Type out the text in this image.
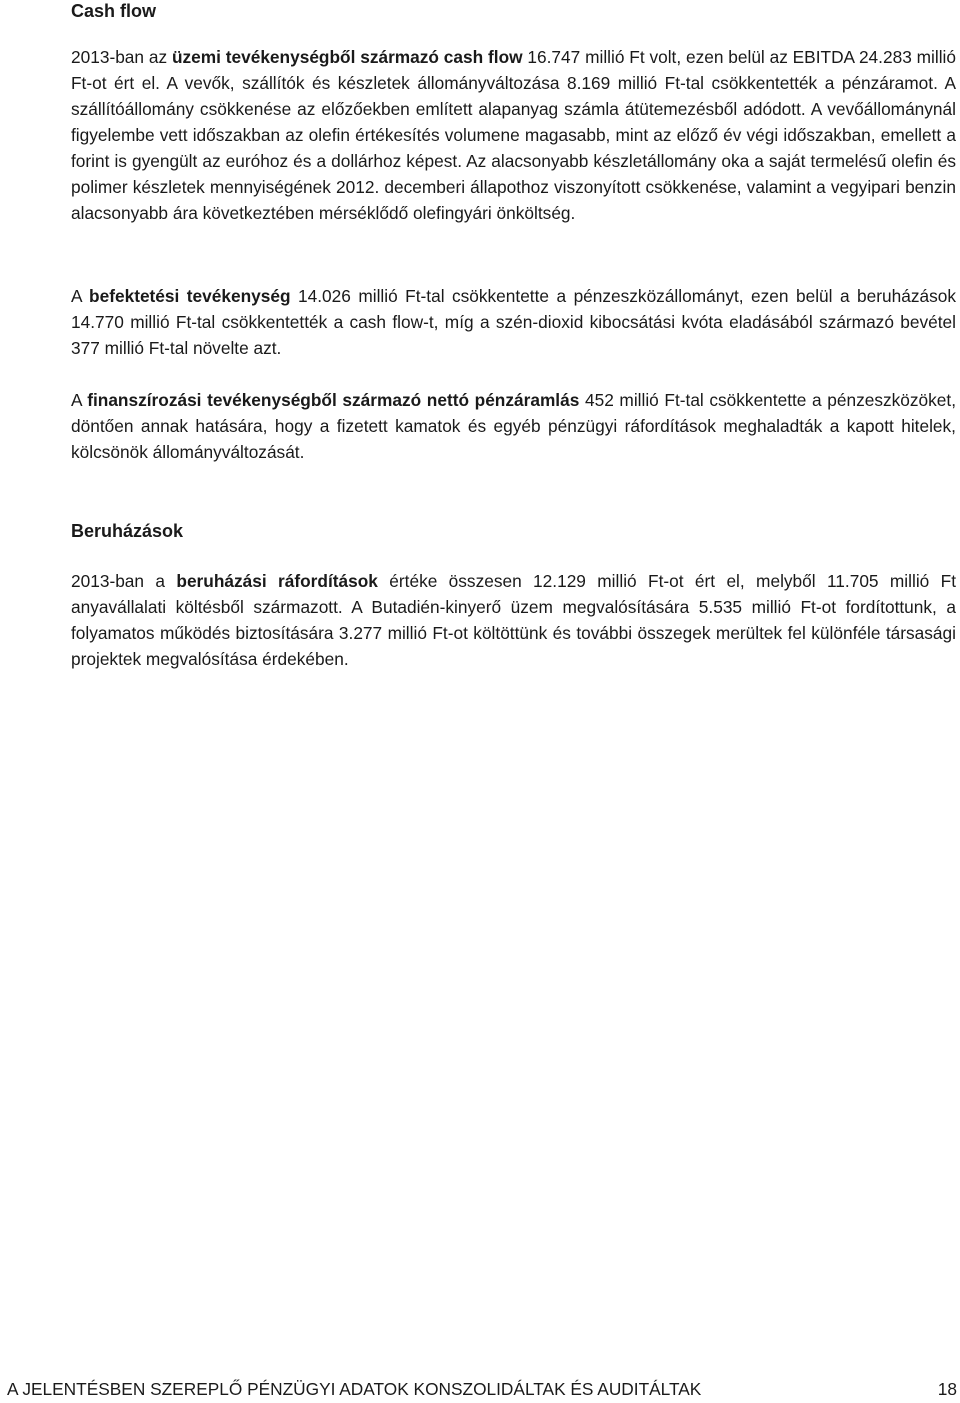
Cash flow

2013-ban az üzemi tevékenységből származó cash flow 16.747 millió Ft volt, ezen belül az EBITDA 24.283 millió Ft-ot ért el. A vevők, szállítók és készletek állományváltozása 8.169 millió Ft-tal csökkentették a pénzáramot. A szállítóállomány csökkenése az előzőekben említett alapanyag számla átütemezésből adódott. A vevőállománynál figyelembe vett időszakban az olefin értékesítés volumene magasabb, mint az előző év végi időszakban, emellett a forint is gyengült az euróhoz és a dollárhoz képest. Az alacsonyabb készletállomány oka a saját termelésű olefin és polimer készletek mennyiségének 2012. decemberi állapothoz viszonyított csökkenése, valamint a vegyipari benzin alacsonyabb ára következtében mérséklődő olefingyári önköltség.

A befektetési tevékenység 14.026 millió Ft-tal csökkentette a pénzeszközállományt, ezen belül a beruházások 14.770 millió Ft-tal csökkentették a cash flow-t, míg a szén-dioxid kibocsátási kvóta eladásából származó bevétel 377 millió Ft-tal növelte azt.

A finanszírozási tevékenységből származó nettó pénzáramlás 452 millió Ft-tal csökkentette a pénzeszközöket, döntően annak hatására, hogy a fizetett kamatok és egyéb pénzügyi ráfordítások meghaladták a kapott hitelek, kölcsönök állományváltozását.

Beruházások

2013-ban a beruházási ráfordítások értéke összesen 12.129 millió Ft-ot ért el, melyből 11.705 millió Ft anyavállalati költésből származott. A Butadién-kinyerő üzem megvalósítására 5.535 millió Ft-ot fordítottunk, a folyamatos működés biztosítására 3.277 millió Ft-ot költöttünk és további összegek merültek fel különféle társasági projektek megvalósítása érdekében.

A JELENTÉSBEN SZEREPLŐ PÉNZÜGYI ADATOK KONSZOLIDÁLTAK ÉS AUDITÁLTAK	18
